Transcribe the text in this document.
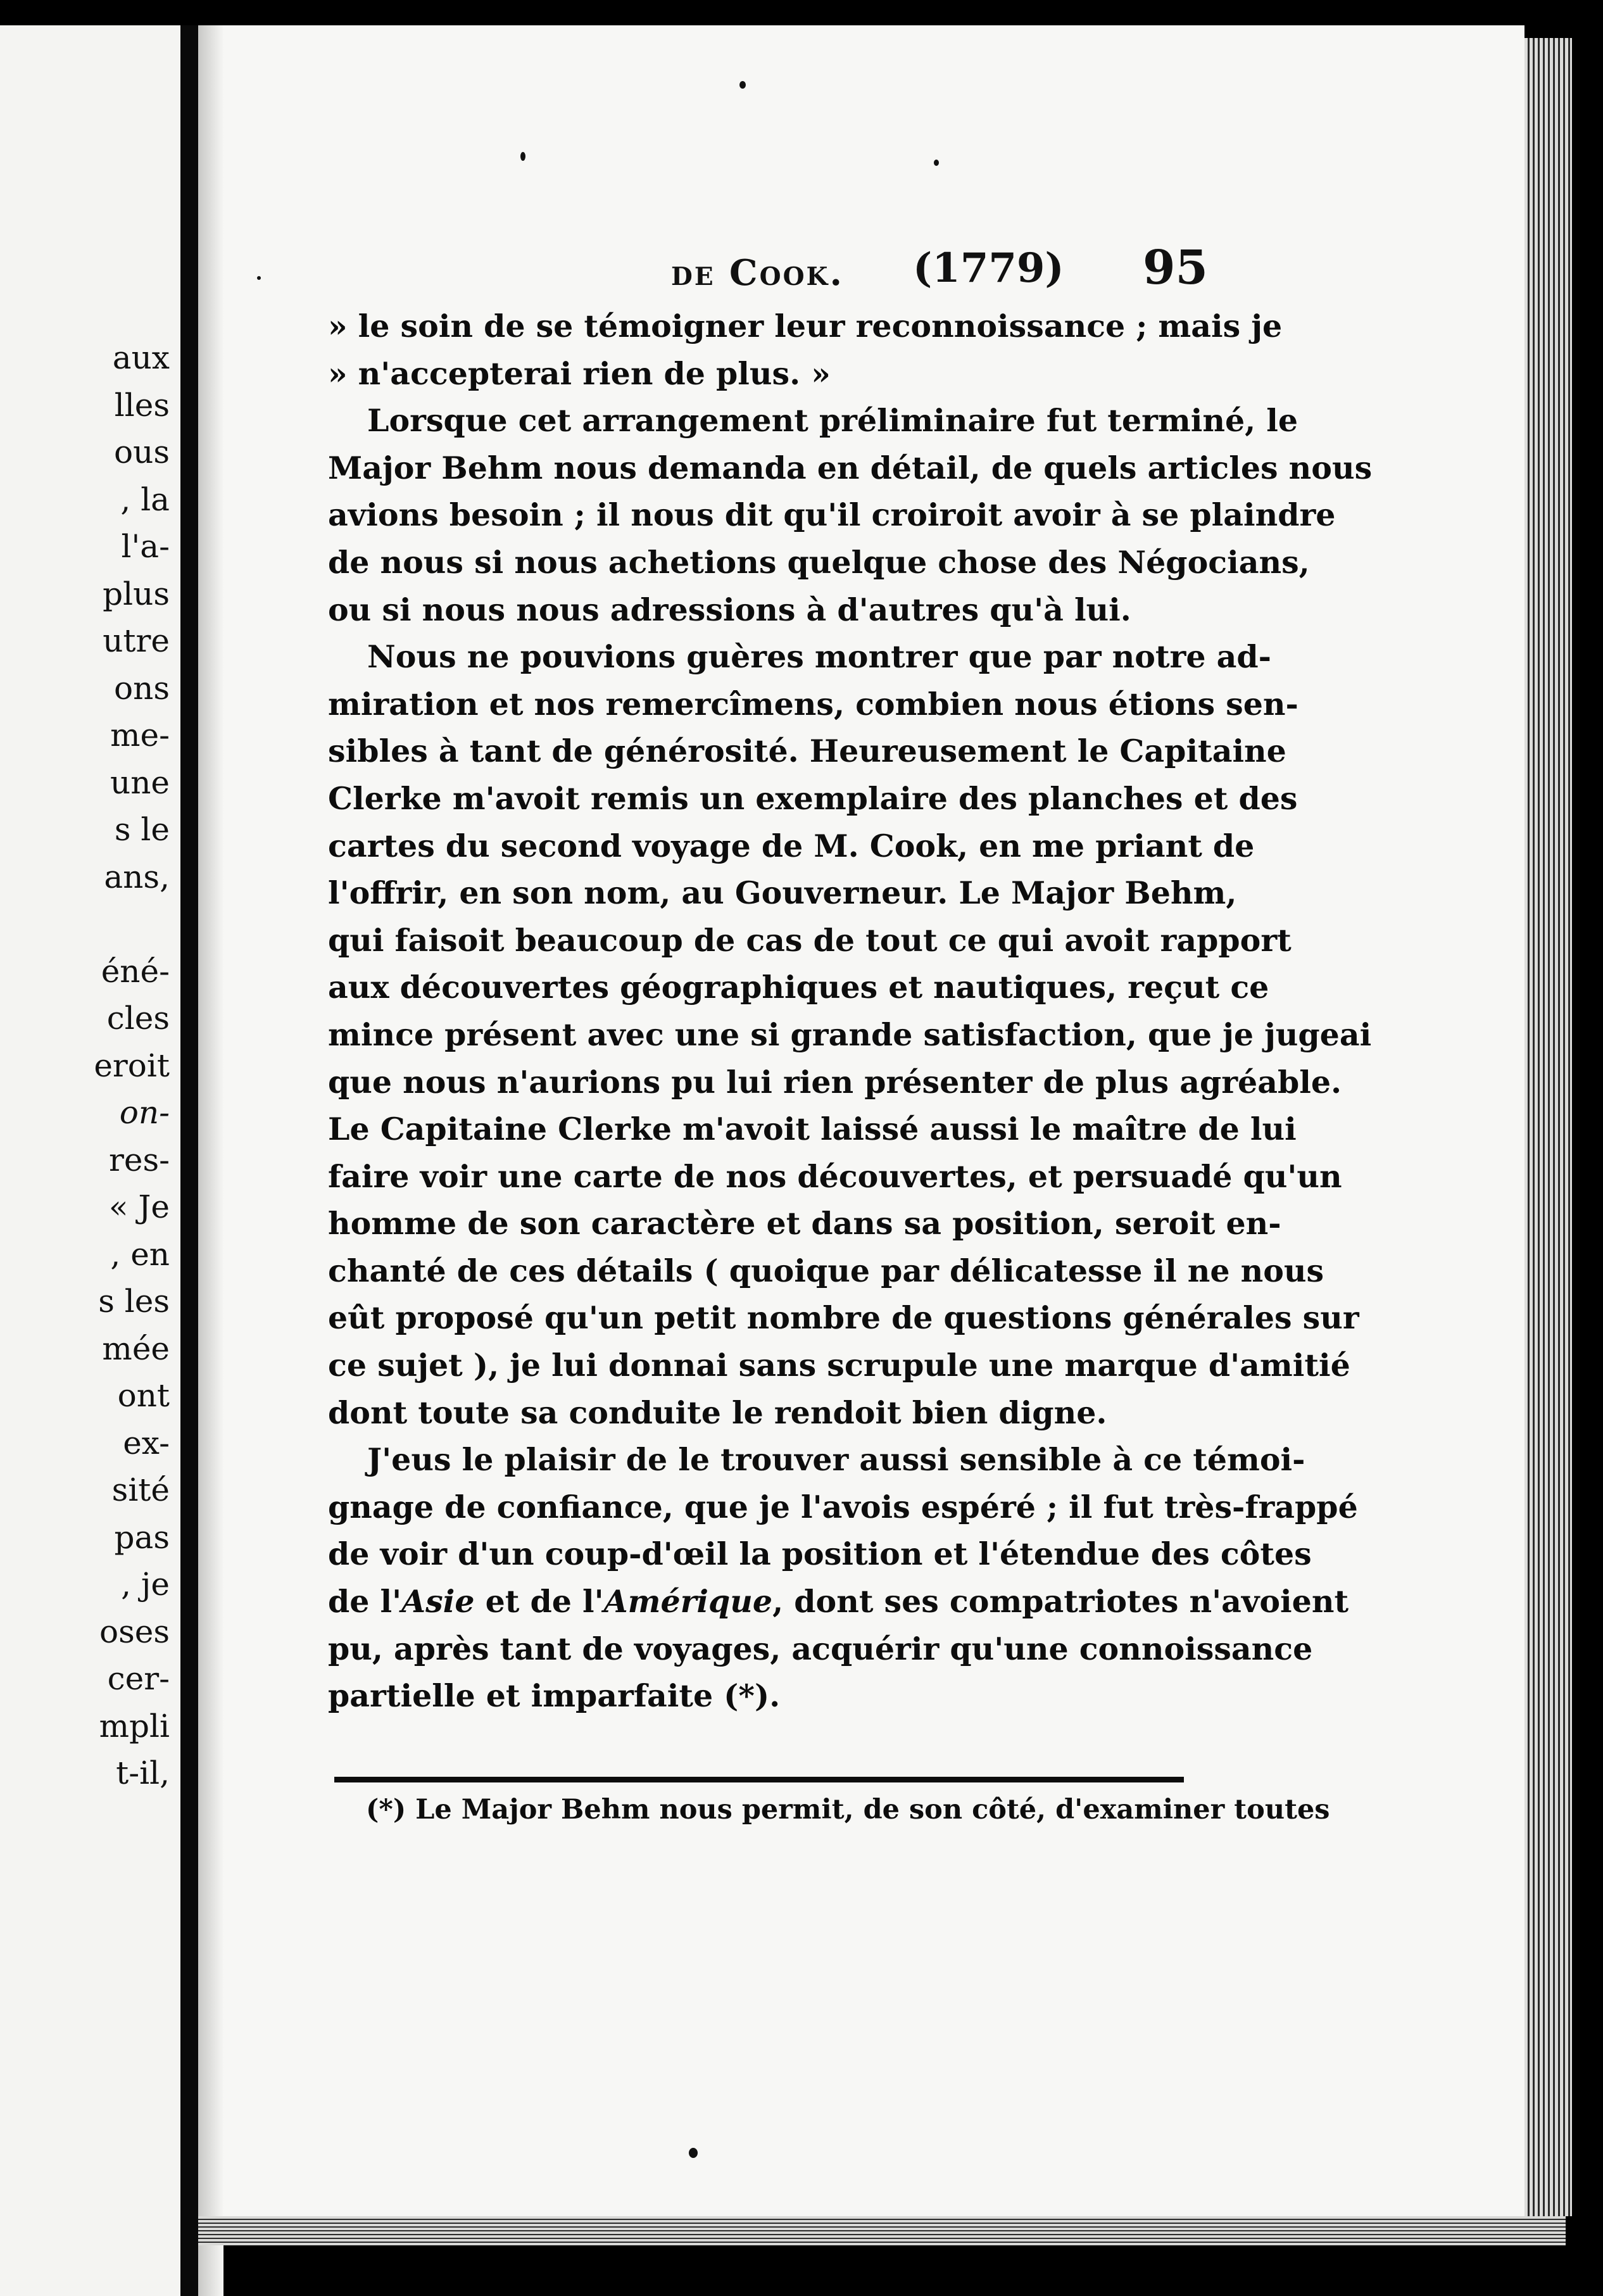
aux
lles
ous
, la
l'a-
plus
utre
ons
me-
une
s le
ans,
éné-
cles
eroit
on-
res-
« Je
, en
s les
mée
ont
ex-
sité
pas
, je
oses
cer-
mpli
t-il,
de Cook. (1779) 95
» le soin de se témoigner leur reconnoissance ; mais je
» n'accepterai rien de plus. »
Lorsque cet arrangement préliminaire fut terminé, le
Major Behm nous demanda en détail, de quels articles nous
avions besoin ; il nous dit qu'il croiroit avoir à se plaindre
de nous si nous achetions quelque chose des Négocians,
ou si nous nous adressions à d'autres qu'à lui.
Nous ne pouvions guères montrer que par notre ad-
miration et nos remercîmens, combien nous étions sen-
sibles à tant de générosité. Heureusement le Capitaine
Clerke m'avoit remis un exemplaire des planches et des
cartes du second voyage de M. Cook, en me priant de
l'offrir, en son nom, au Gouverneur. Le Major Behm,
qui faisoit beaucoup de cas de tout ce qui avoit rapport
aux découvertes géographiques et nautiques, reçut ce
mince présent avec une si grande satisfaction, que je jugeai
que nous n'aurions pu lui rien présenter de plus agréable.
Le Capitaine Clerke m'avoit laissé aussi le maître de lui
faire voir une carte de nos découvertes, et persuadé qu'un
homme de son caractère et dans sa position, seroit en-
chanté de ces détails ( quoique par délicatesse il ne nous
eût proposé qu'un petit nombre de questions générales sur
ce sujet ), je lui donnai sans scrupule une marque d'amitié
dont toute sa conduite le rendoit bien digne.
J'eus le plaisir de le trouver aussi sensible à ce témoi-
gnage de confiance, que je l'avois espéré ; il fut très-frappé
de voir d'un coup-d'œil la position et l'étendue des côtes
de l'Asie et de l'Amérique, dont ses compatriotes n'avoient
pu, après tant de voyages, acquérir qu'une connoissance
partielle et imparfaite (*).
(*) Le Major Behm nous permit, de son côté, d'examiner toutes
